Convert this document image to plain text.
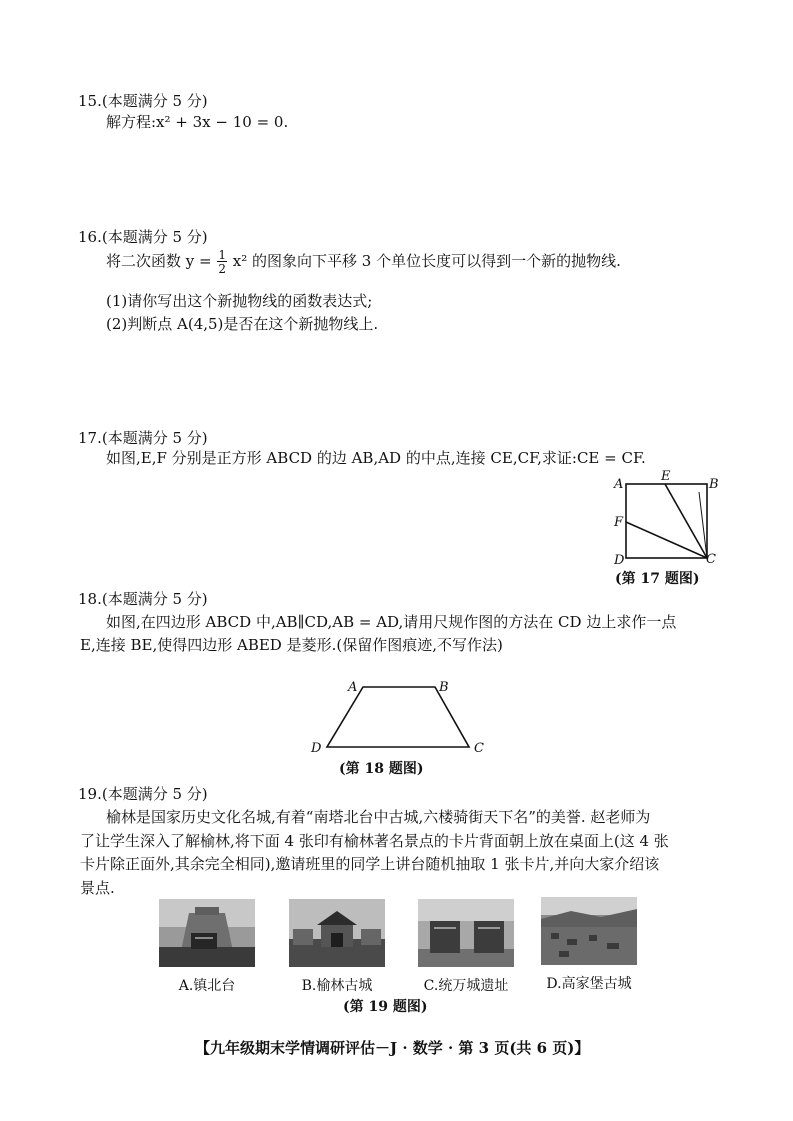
15.(本题满分 5 分)
解方程:x² + 3x − 10 = 0.
16.(本题满分 5 分)
将二次函数 $y = \frac{1}{2} x^2$ 的图象向下平移 3 个单位长度可以得到一个新的抛物线.
(1)请你写出这个新抛物线的函数表达式;
(2)判断点 A(4,5)是否在这个新抛物线上.
17.(本题满分 5 分)
如图,E,F 分别是正方形 ABCD 的边 AB,AD 的中点,连接 CE,CF,求证:CE = CF.
A
E
B
F
D	C
(第 17 题图)
18.(本题满分 5 分)
如图,在四边形 ABCD 中,AB∥CD,AB = AD,请用尺规作图的方法在 CD 边上求作一点
E,连接 BE,使得四边形 ABED 是菱形.(保留作图痕迹,不写作法)
A	B
D	C
(第 18 题图)
19.(本题满分 5 分)
榆林是国家历史文化名城,有着“南塔北台中古城,六楼骑街天下名”的美誉. 赵老师为
了让学生深入了解榆林,将下面 4 张印有榆林著名景点的卡片背面朝上放在桌面上(这 4 张
卡片除正面外,其余完全相同),邀请班里的同学上讲台随机抽取 1 张卡片,并向大家介绍该
景点.
A.镇北台	B.榆林古城	C.统万城遗址	D.高家堡古城
(第 19 题图)
【九年级期末学情调研评估－J · 数学 · 第 3 页(共 6 页)】
